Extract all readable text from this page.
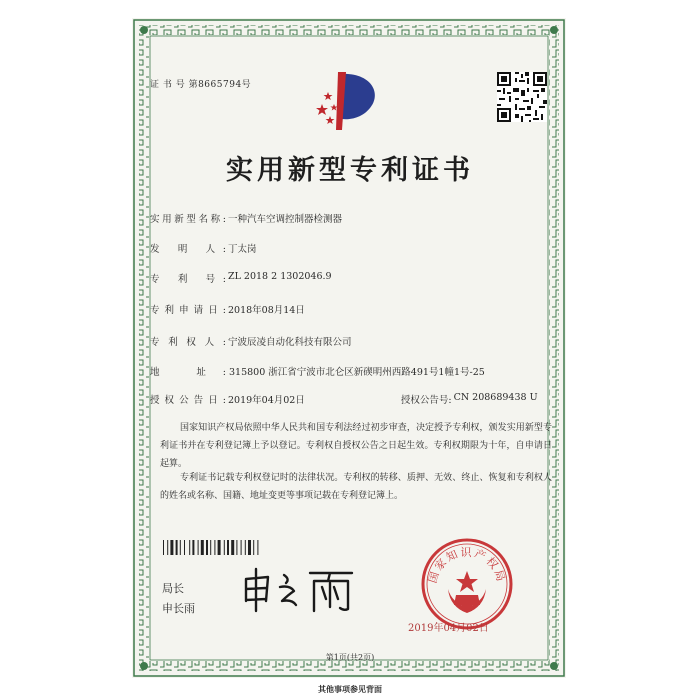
证 书 号 第8665794号
实用新型专利证书
实用新型名称: 一种汽车空调控制器检测器
发 明 人: 丁太岗
专 利 号: ZL 2018 2 1302046.9
专利申请日: 2018年08月14日
专利权人: 宁波辰凌自动化科技有限公司
地 址: 315800 浙江省宁波市北仑区新碶明州西路491号1幢1号-25
授权公告日: 2019年04月02日	授权公告号: CN 208689438 U
国家知识产权局依照中华人民共和国专利法经过初步审查，决定授予专利权，颁发实用新型专利证书并在专利登记簿上予以登记。专利权自授权公告之日起生效。专利权期限为十年，自申请日起算。
专利证书记载专利权登记时的法律状况。专利权的转移、质押、无效、终止、恢复和专利权人的姓名或名称、国籍、地址变更等事项记载在专利登记簿上。
局长
申长雨
国家知识产权局
2019年04月02日
第1页(共2页)
其他事项参见背面
